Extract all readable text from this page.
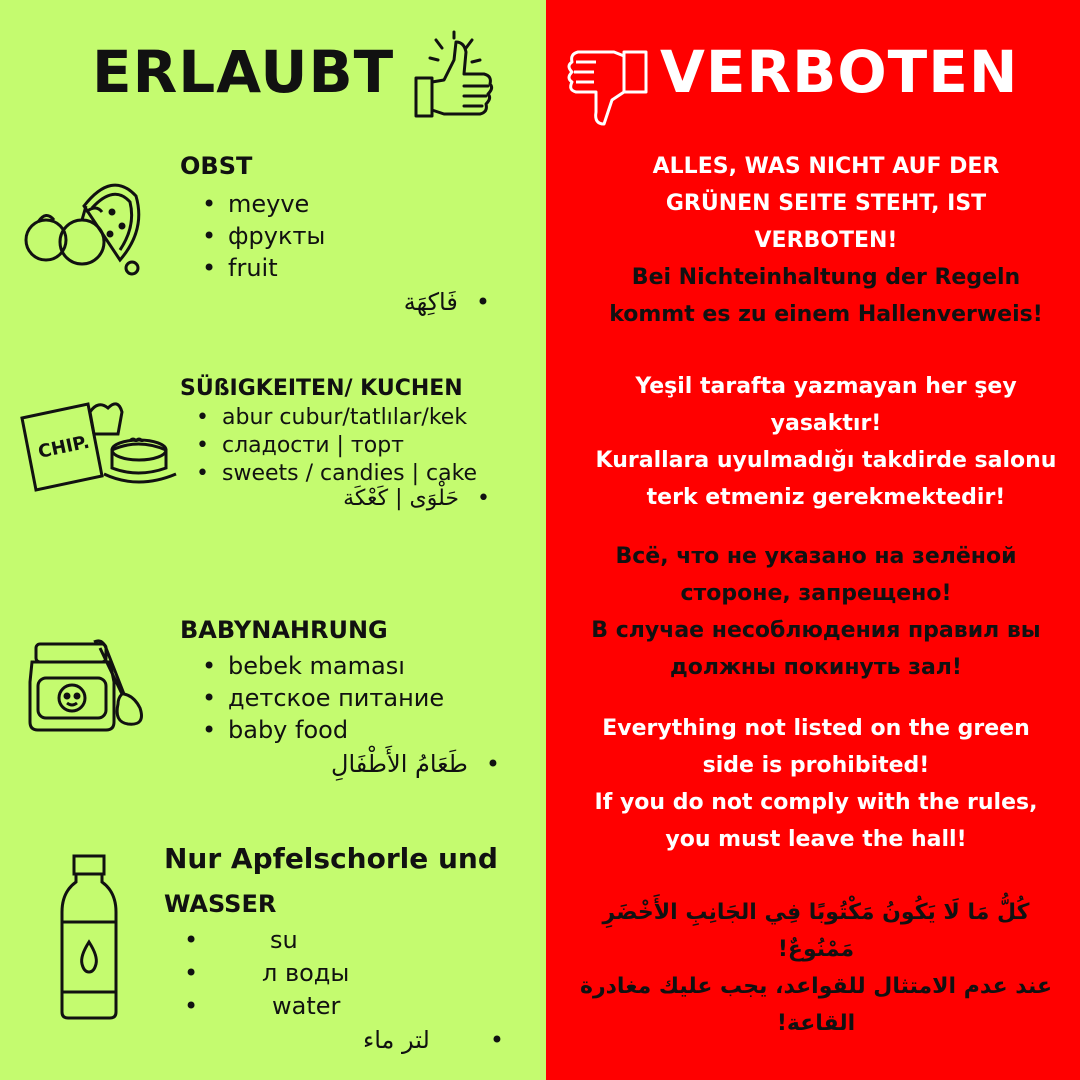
ERLAUBT
OBST
• meyve
• фрукты
• fruit
•فَاكِهَة
CHIP.
SÜßIGKEITEN/ KUCHEN
• abur cubur/tatlılar/kek
• сладости | торт
• sweets / candies | cake
•حَلْوَى | كَعْكَة
BABYNAHRUNG
• bebek maması
• детское питание
• baby food
•طَعَامُ الأَطْفَالِ
Nur Apfelschorle und
WASSER
•	su
•	л воды
•	water
•لتر ماء
VERBOTEN
ALLES, WAS NICHT AUF DER
GRÜNEN SEITE STEHT, IST
VERBOTEN!
Bei Nichteinhaltung der Regeln
kommt es zu einem Hallenverweis!
Yeşil tarafta yazmayan her şey
yasaktır!
Kurallara uyulmadığı takdirde salonu
terk etmeniz gerekmektedir!
Всё, что не указано на зелёной
стороне, запрещено!
В случае несоблюдения правил вы
должны покинуть зал!
Everything not listed on the green
side is prohibited!
If you do not comply with the rules,
you must leave the hall!
كُلُّ مَا لَا يَكُونُ مَكْتُوبًا فِي الجَانِبِ الأَخْضَرِ
مَمْنُوعٌ!
عند عدم الامتثال للقواعد، يجب عليك مغادرة
القاعة!
